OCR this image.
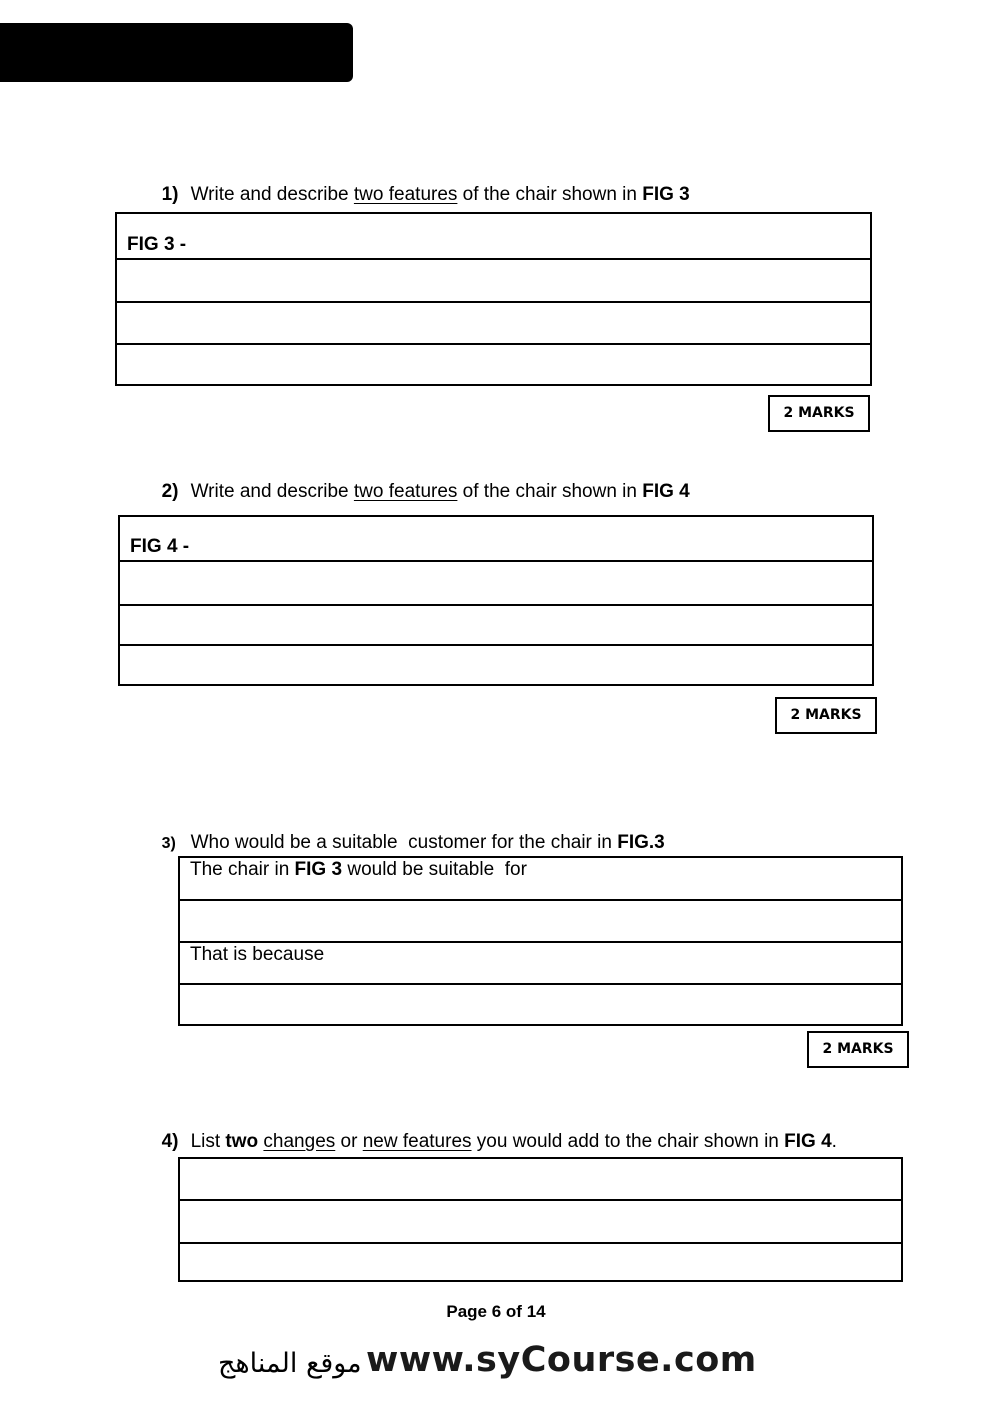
Short Answer  Questions

1) Write and describe two features of the chair shown in FIG 3

FIG 3 -

2 MARKS

2) Write and describe two features of the chair shown in FIG 4

FIG 4 -

2 MARKS

3) Who would be a suitable  customer for the chair in FIG.3

The chair in FIG 3 would be suitable  for

That is because

2 MARKS

4) List two changes or new features you would add to the chair shown in FIG 4.

Page 6 of 14
موقع المناهج www.syCourse.com
